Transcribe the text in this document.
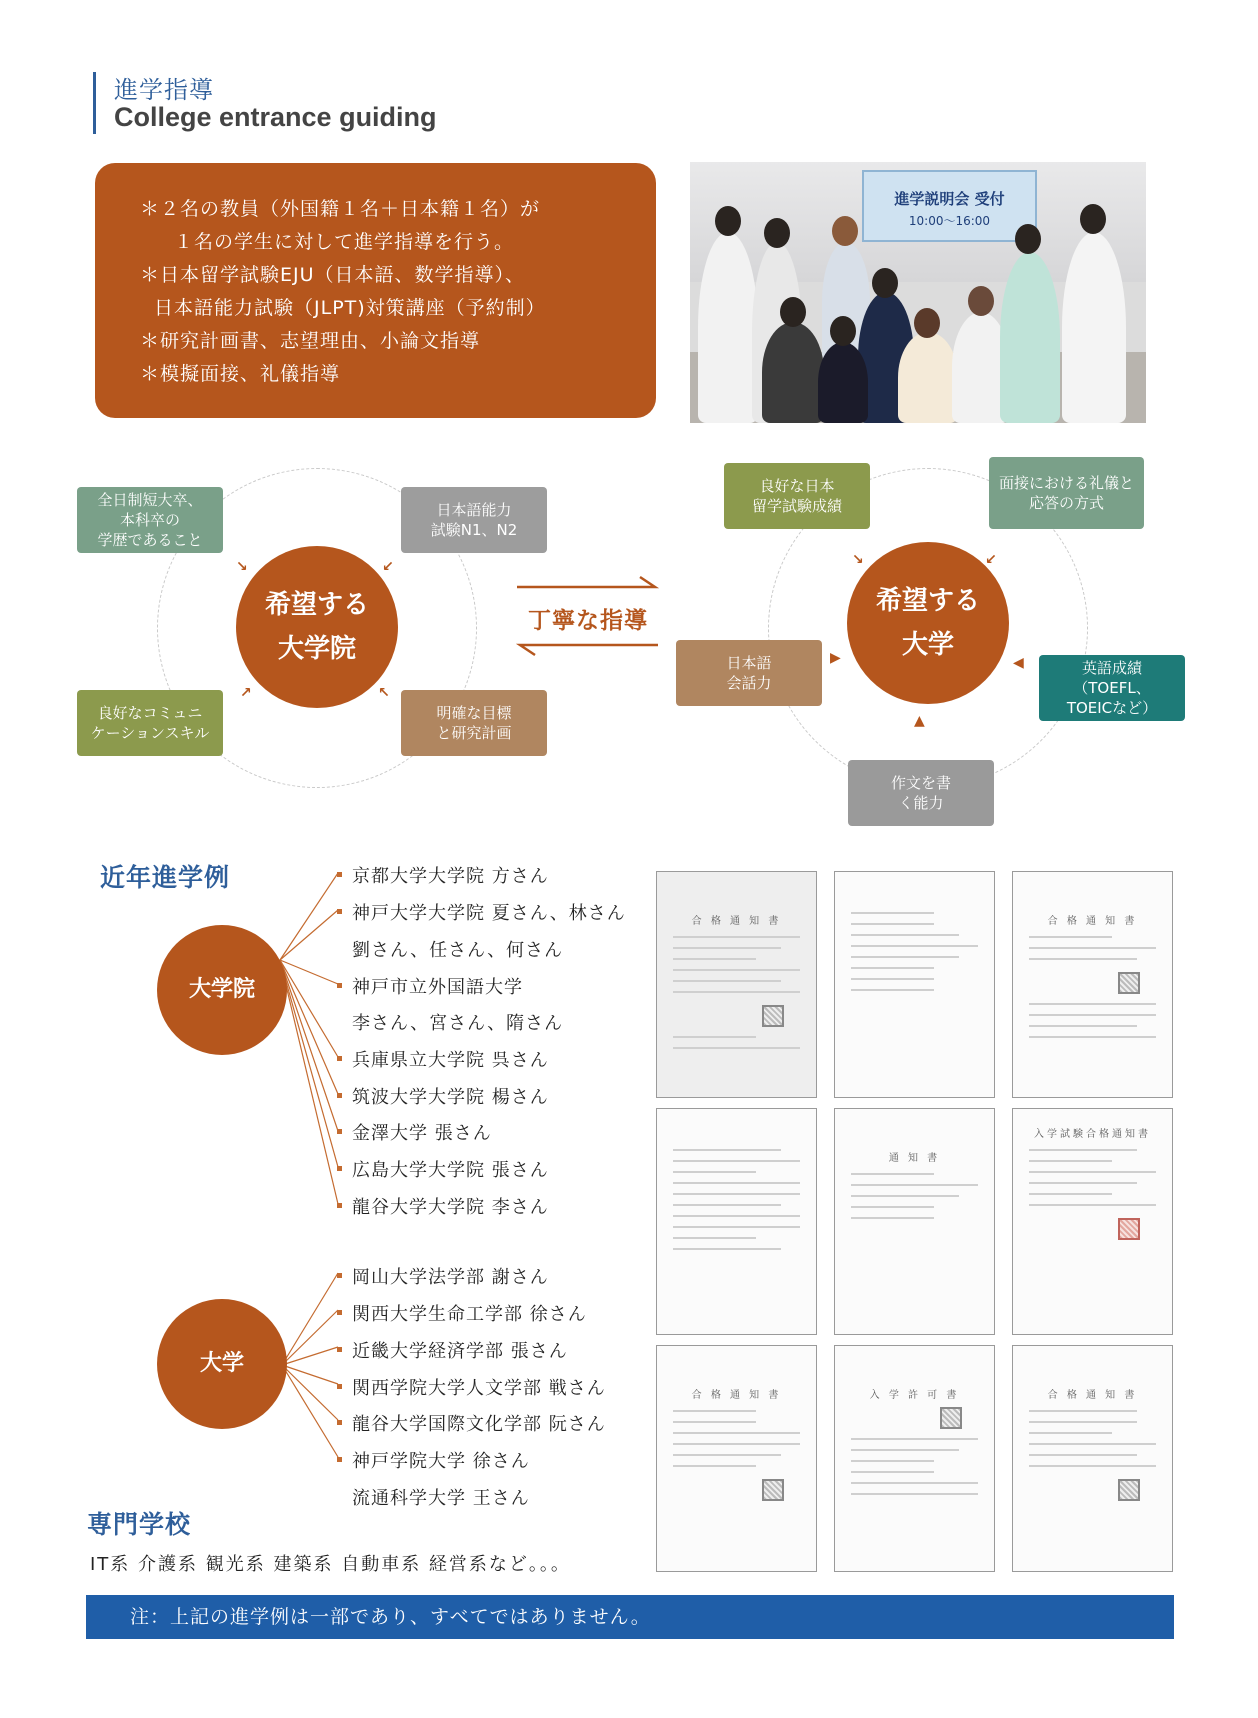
進学指導
College entrance guiding
＊２名の教員（外国籍１名＋日本籍１名）が
１名の学生に対して進学指導を行う。
＊日本留学試験EJU（日本語、数学指導）、
日本語能力試験（JLPT)対策講座（予約制）
＊研究計画書、志望理由、小論文指導
＊模擬面接、礼儀指導
進学説明会 受付
10:00～16:00
希望する
大学院
全日制短大卒、
本科卒の
学歴であること
日本語能力
試験N1、N2
良好なコミュニ
ケーションスキル
明確な目標
と研究計画
↘	↙
↗	↖
丁寧な指導
希望する
大学
良好な日本
留学試験成績
面接における礼儀と
応答の方式
日本語
会話力
英語成績
（TOEFL、
TOEICなど）
作文を書
く能力
↘	↙
▶	◀
▲
近年進学例
大学院
京都大学大学院 方さん
神戸大学大学院 夏さん、林さん
劉さん、任さん、何さん
神戸市立外国語大学
李さん、宮さん、隋さん
兵庫県立大学院 呉さん
筑波大学大学院 楊さん
金澤大学 張さん
広島大学大学院 張さん
龍谷大学大学院 李さん
大学
岡山大学法学部 謝さん
関西大学生命工学部 徐さん
近畿大学経済学部 張さん
関西学院大学人文学部 戦さん
龍谷大学国際文化学部 阮さん
神戸学院大学 徐さん
流通科学大学 王さん
専門学校
IT系 介護系 観光系 建築系 自動車系 経営系など。。。
合 格 通 知 書	合 格 通 知 書
通 知 書
入学試験合格通知書
合 格 通 知 書	入 学 許 可 書	合 格 通 知 書
注：上記の進学例は一部であり、すべてではありません。
